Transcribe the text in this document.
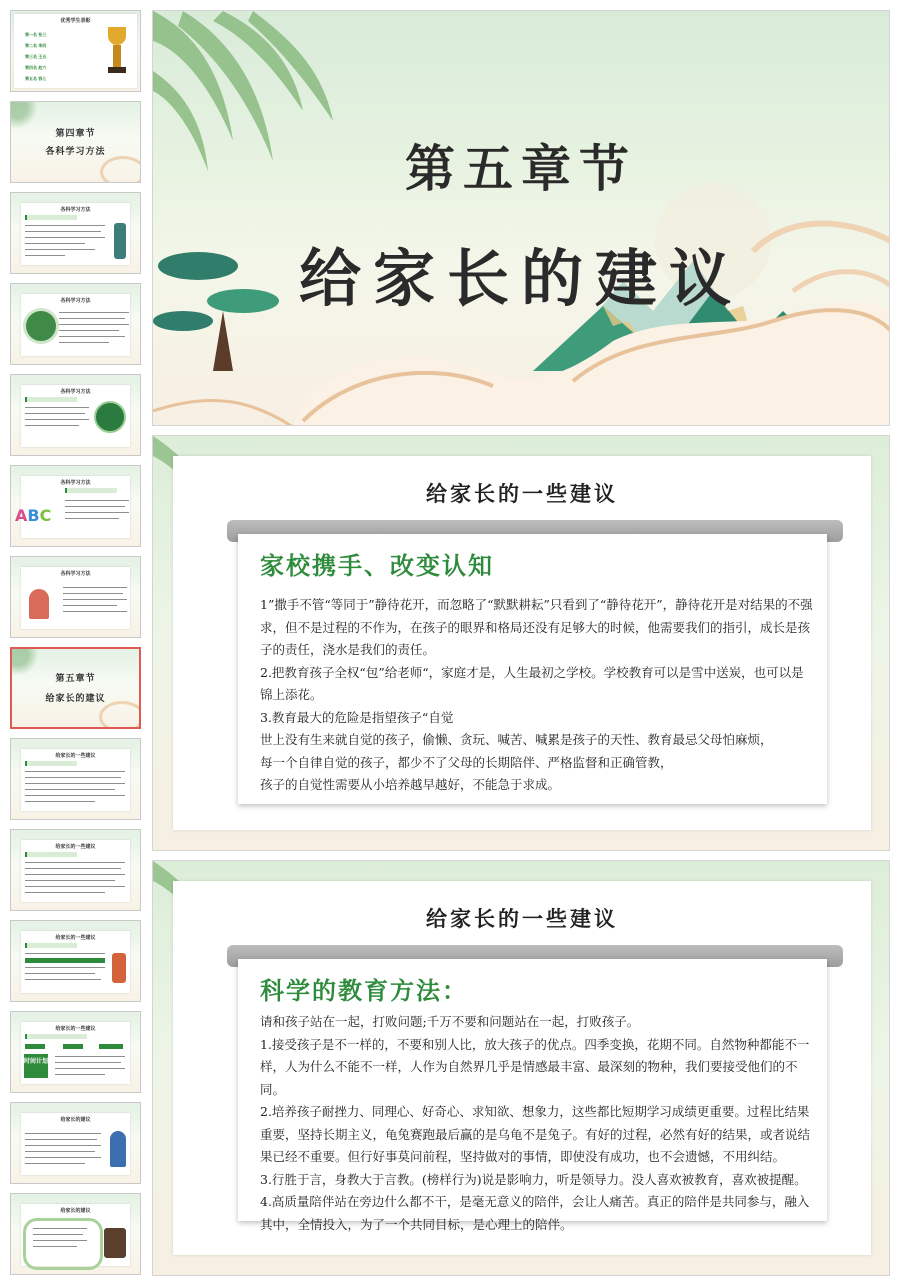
优秀学生表彰
第一名 张三
第二名 李四
第三名 王五
第四名 赵六
第五名 钱七
第四章节
各科学习方法
各科学习方法
各科学习方法
各科学习方法
各科学习方法
ABC
各科学习方法
第五章节
给家长的建议
给家长的一些建议
给家长的一些建议
给家长的一些建议
给家长的一些建议
时间计划
给家长的建议
给家长的建议
第五章节
给家长的建议
给家长的一些建议
家校携手、改变认知

1”撒手不管“等同于”静待花开，而忽略了“默默耕耘”只看到了“静待花开”，静待花开是对结果的不强求，但不是过程的不作为，在孩子的眼界和格局还没有足够大的时候，他需要我们的指引，成长是孩子的责任，浇水是我们的责任。

2.把教育孩子全权“包”给老师“，家庭才是，人生最初之学校。学校教育可以是雪中送炭，也可以是锦上添花。

3.教育最大的危险是指望孩子“自觉

世上没有生来就自觉的孩子，偷懒、贪玩、喊苦、喊累是孩子的天性、教育最忌父母怕麻烦，

每一个自律自觉的孩子，都少不了父母的长期陪伴、严格监督和正确管教，

孩子的自觉性需要从小培养越早越好，不能急于求成。

给家长的一些建议
科学的教育方法：

请和孩子站在一起，打败问题;千万不要和问题站在一起，打败孩子。

1.接受孩子是不一样的，不要和别人比，放大孩子的优点。四季变换，花期不同。自然物种都能不一样，人为什么不能不一样，人作为自然界几乎是情感最丰富、最深刻的物种，我们要接受他们的不同。

2.培养孩子耐挫力、同理心、好奇心、求知欲、想象力，这些都比短期学习成绩更重要。过程比结果重要，坚持长期主义，龟兔赛跑最后赢的是乌龟不是兔子。有好的过程，必然有好的结果，或者说结果已经不重要。但行好事莫问前程，坚持做对的事情，即使没有成功，也不会遗憾，不用纠结。

3.行胜于言，身教大于言教。(榜样行为)说是影响力，听是领导力。没人喜欢被教育，喜欢被提醒。

4.高质量陪伴站在旁边什么都不干，是毫无意义的陪伴，会让人痛苦。真正的陪伴是共同参与，融入其中，全情投入，为了一个共同目标，是心理上的陪伴。
